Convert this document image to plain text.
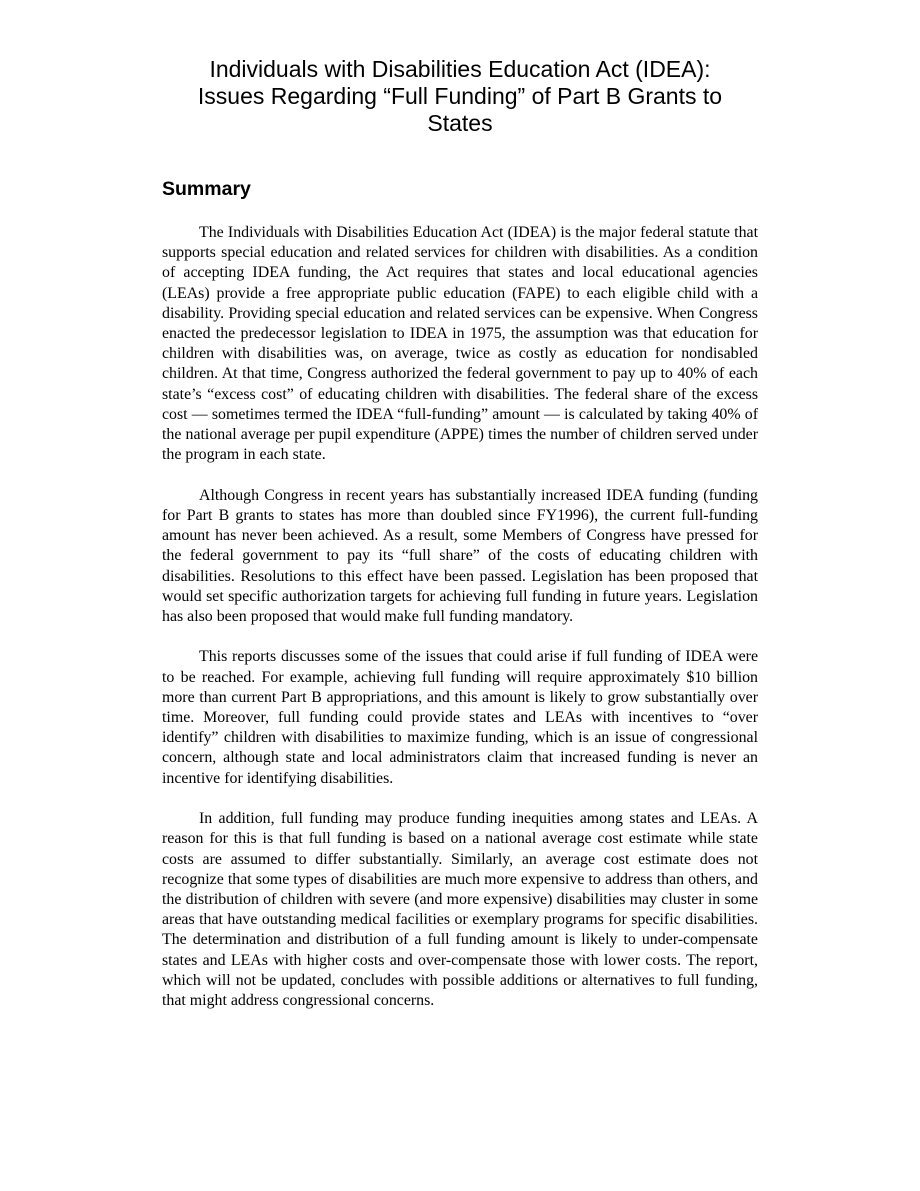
Individuals with Disabilities Education Act (IDEA):
Issues Regarding “Full Funding” of Part B Grants to
States
Summary

The Individuals with Disabilities Education Act (IDEA) is the major federal statute that supports special education and related services for children with disabilities. As a condition of accepting IDEA funding, the Act requires that states and local educational agencies (LEAs) provide a free appropriate public education (FAPE) to each eligible child with a disability. Providing special education and related services can be expensive. When Congress enacted the predecessor legislation to IDEA in 1975, the assumption was that education for children with disabilities was, on average, twice as costly as education for nondisabled children. At that time, Congress authorized the federal government to pay up to 40% of each state’s “excess cost” of educating children with disabilities. The federal share of the excess cost — sometimes termed the IDEA “full-funding” amount — is calculated by taking 40% of the national average per pupil expenditure (APPE) times the number of children served under the program in each state.

Although Congress in recent years has substantially increased IDEA funding (funding for Part B grants to states has more than doubled since FY1996), the current full-funding amount has never been achieved. As a result, some Members of Congress have pressed for the federal government to pay its “full share” of the costs of educating children with disabilities. Resolutions to this effect have been passed. Legislation has been proposed that would set specific authorization targets for achieving full funding in future years. Legislation has also been proposed that would make full funding mandatory.

This reports discusses some of the issues that could arise if full funding of IDEA were to be reached. For example, achieving full funding will require approximately $10 billion more than current Part B appropriations, and this amount is likely to grow substantially over time. Moreover, full funding could provide states and LEAs with incentives to “over identify” children with disabilities to maximize funding, which is an issue of congressional concern, although state and local administrators claim that increased funding is never an incentive for identifying disabilities.

In addition, full funding may produce funding inequities among states and LEAs. A reason for this is that full funding is based on a national average cost estimate while state costs are assumed to differ substantially. Similarly, an average cost estimate does not recognize that some types of disabilities are much more expensive to address than others, and the distribution of children with severe (and more expensive) disabilities may cluster in some areas that have outstanding medical facilities or exemplary programs for specific disabilities. The determination and distribution of a full funding amount is likely to under-compensate states and LEAs with higher costs and over-compensate those with lower costs. The report, which will not be updated, concludes with possible additions or alternatives to full funding, that might address congressional concerns.
